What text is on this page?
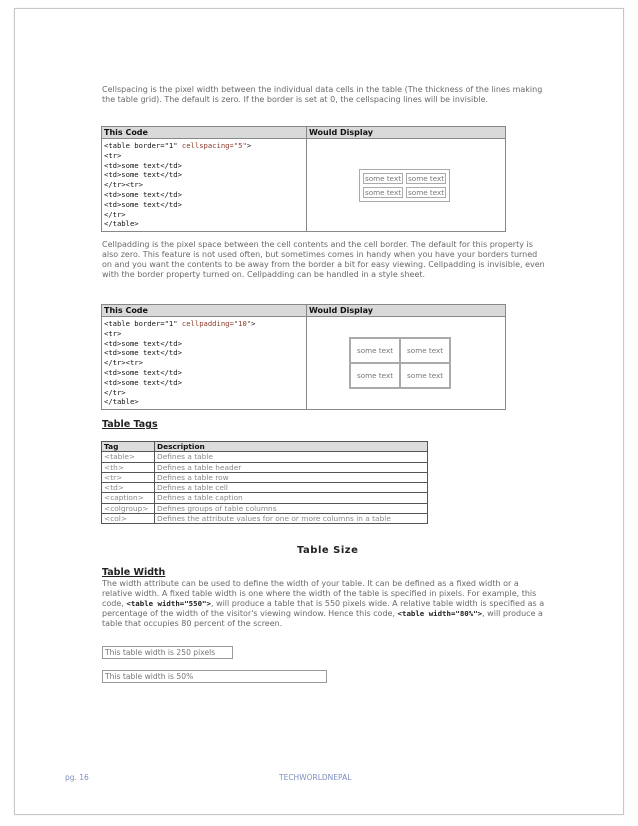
Cellspacing is the pixel width between the individual data cells in the table (The thickness of the lines making the table grid). The default is zero. If the border is set at 0, the cellspacing lines will be invisible.
This Code	Would Display

<table border="1" cellspacing="5">
<tr>
<td>some text</td>
<td>some text</td>
</tr><tr>
<td>some text</td>
<td>some text</td>
</tr>
</table>

some text	some text
some text	some text
Cellpadding is the pixel space between the cell contents and the cell border. The default for this property is also zero. This feature is not used often, but sometimes comes in handy when you have your borders turned on and you want the contents to be away from the border a bit for easy viewing. Cellpadding is invisible, even with the border property turned on. Cellpadding can be handled in a style sheet.
This Code	Would Display

<table border="1" cellpadding="10">
<tr>
<td>some text</td>
<td>some text</td>
</tr><tr>
<td>some text</td>
<td>some text</td>
</tr>
</table>

some text	some text
some text	some text
Table Tags
Tag	Description
<table>	Defines a table
<th>	Defines a table header
<tr>	Defines a table row
<td>	Defines a table cell
<caption>	Defines a table caption
<colgroup>	Defines groups of table columns
<col>	Defines the attribute values for one or more columns in a table
Table Size
Table Width
The width attribute can be used to define the width of your table. It can be defined as a fixed width or a relative width. A fixed table width is one where the width of the table is specified in pixels. For example, this code, <table width="550">, will produce a table that is 550 pixels wide. A relative table width is specified as a percentage of the width of the visitor's viewing window. Hence this code, <table width="80%">, will produce a table that occupies 80 percent of the screen.
This table width is 250 pixels
This table width is 50%
pg. 16	TECHWORLDNEPAL
